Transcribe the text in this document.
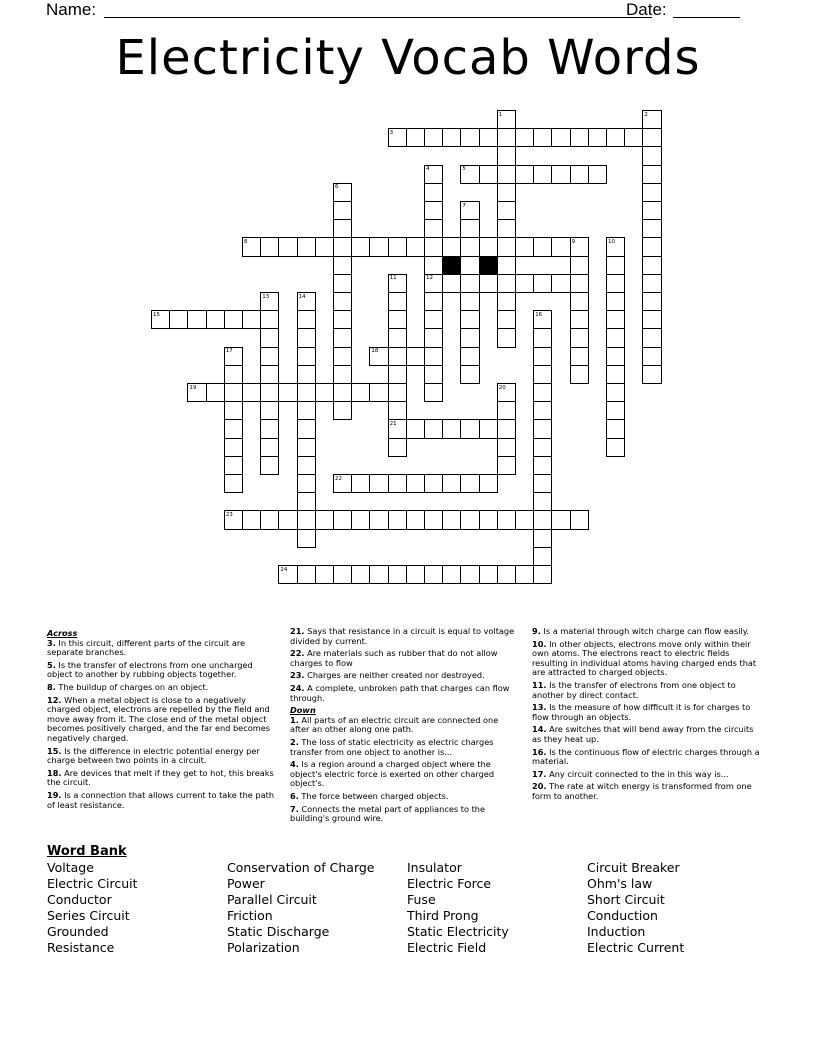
Name:	Date:
Electricity Vocab Words
1	2
3
4	5
6
7
8	9	10
11	12
13	14
15	16
17	18
19	20
21
22
23
24
Across
3. In this circuit, different parts of the circuit are separate branches.
5. Is the transfer of electrons from one uncharged object to another by rubbing objects together.
8. The buildup of charges on an object.
12. When a metal object is close to a negatively charged object, electrons are repelled by the field and move away from it. The close end of the metal object becomes positively charged, and the far end becomes negatively charged.
15. Is the difference in electric potential energy per charge between two points in a circuit.
18. Are devices that melt if they get to hot, this breaks the circuit.
19. Is a connection that allows current to take the path of least resistance.
21. Says that resistance in a circuit is equal to voltage divided by current.
22. Are materials such as rubber that do not allow charges to flow
23. Charges are neither created nor destroyed.
24. A complete, unbroken path that charges can flow through.
Down
1. All parts of an electric circuit are connected one after an other along one path.
2. The loss of static electricity as electric charges transfer from one object to another is...
4. Is a region around a charged object where the object's electric force is exerted on other charged object's.
6. The force between charged objects.
7. Connects the metal part of appliances to the building's ground wire.
9. Is a material through witch charge can flow easily.
10. In other objects, electrons move only within their own atoms. The electrons react to electric fields resulting in individual atoms having charged ends that are attracted to charged objects.
11. Is the transfer of electrons from one object to another by direct contact.
13. Is the measure of how difficult it is for charges to flow through an objects.
14. Are switches that will bend away from the circuits as they heat up.
16. Is the continuous flow of electric charges through a material.
17. Any circuit connected to the in this way is...
20. The rate at witch energy is transformed from one form to another.
Word Bank
Voltage	Conservation of Charge	Insulator	Circuit Breaker
Electric Circuit	Power	Electric Force	Ohm's law
Conductor	Parallel Circuit	Fuse	Short Circuit
Series Circuit	Friction	Third Prong	Conduction
Grounded	Static Discharge	Static Electricity	Induction
Resistance	Polarization	Electric Field	Electric Current
